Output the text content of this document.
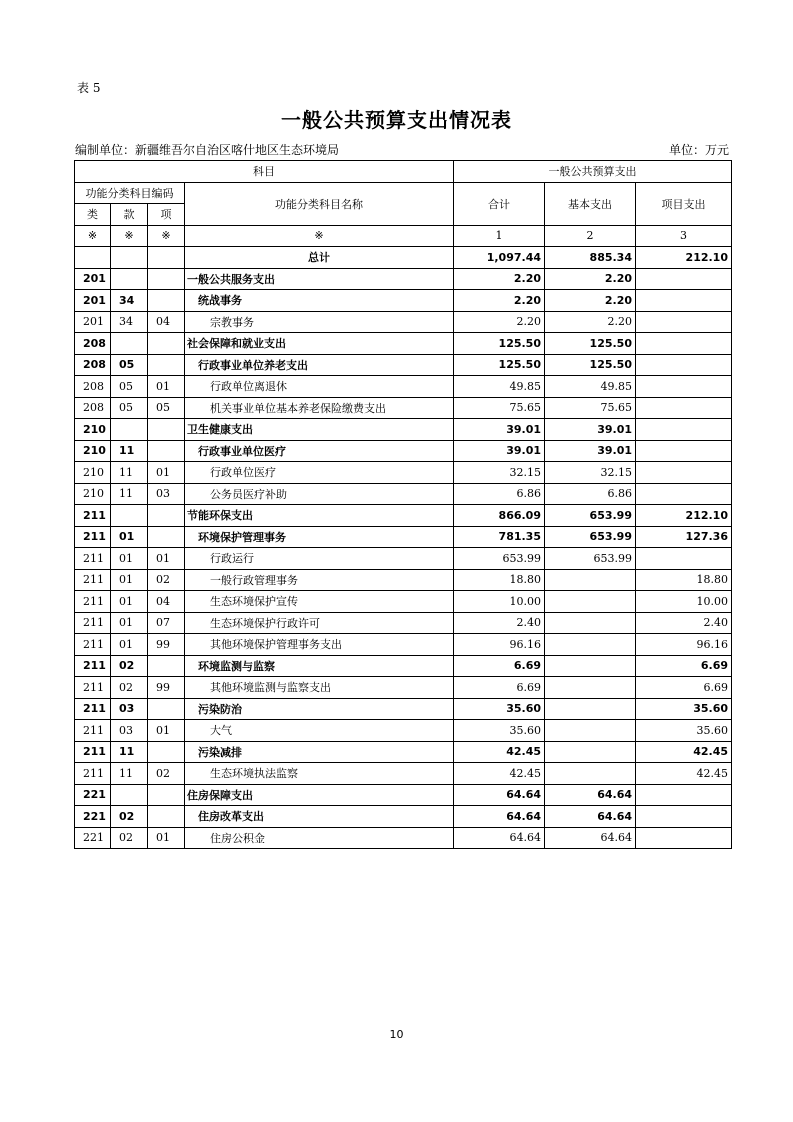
表 5
一般公共预算支出情况表
编制单位：新疆维吾尔自治区喀什地区生态环境局	单位：万元
科目				一般公共预算支出		
功能分类科目编码			功能分类科目名称	合计	基本支出	项目支出
类	款	项				
※	※	※	※	1	2	3
			总计	1,097.44	885.34	212.10
201			一般公共服务支出	2.20	2.20	
201	34		统战事务	2.20	2.20	
201	34	04	宗教事务	2.20	2.20	
208			社会保障和就业支出	125.50	125.50	
208	05		行政事业单位养老支出	125.50	125.50	
208	05	01	行政单位离退休	49.85	49.85	
208	05	05	机关事业单位基本养老保险缴费支出	75.65	75.65	
210			卫生健康支出	39.01	39.01	
210	11		行政事业单位医疗	39.01	39.01	
210	11	01	行政单位医疗	32.15	32.15	
210	11	03	公务员医疗补助	6.86	6.86	
211			节能环保支出	866.09	653.99	212.10
211	01		环境保护管理事务	781.35	653.99	127.36
211	01	01	行政运行	653.99	653.99	
211	01	02	一般行政管理事务	18.80		18.80
211	01	04	生态环境保护宣传	10.00		10.00
211	01	07	生态环境保护行政许可	2.40		2.40
211	01	99	其他环境保护管理事务支出	96.16		96.16
211	02		环境监测与监察	6.69		6.69
211	02	99	其他环境监测与监察支出	6.69		6.69
211	03		污染防治	35.60		35.60
211	03	01	大气	35.60		35.60
211	11		污染减排	42.45		42.45
211	11	02	生态环境执法监察	42.45		42.45
221			住房保障支出	64.64	64.64	
221	02		住房改革支出	64.64	64.64	
221	02	01	住房公积金	64.64	64.64	
10
